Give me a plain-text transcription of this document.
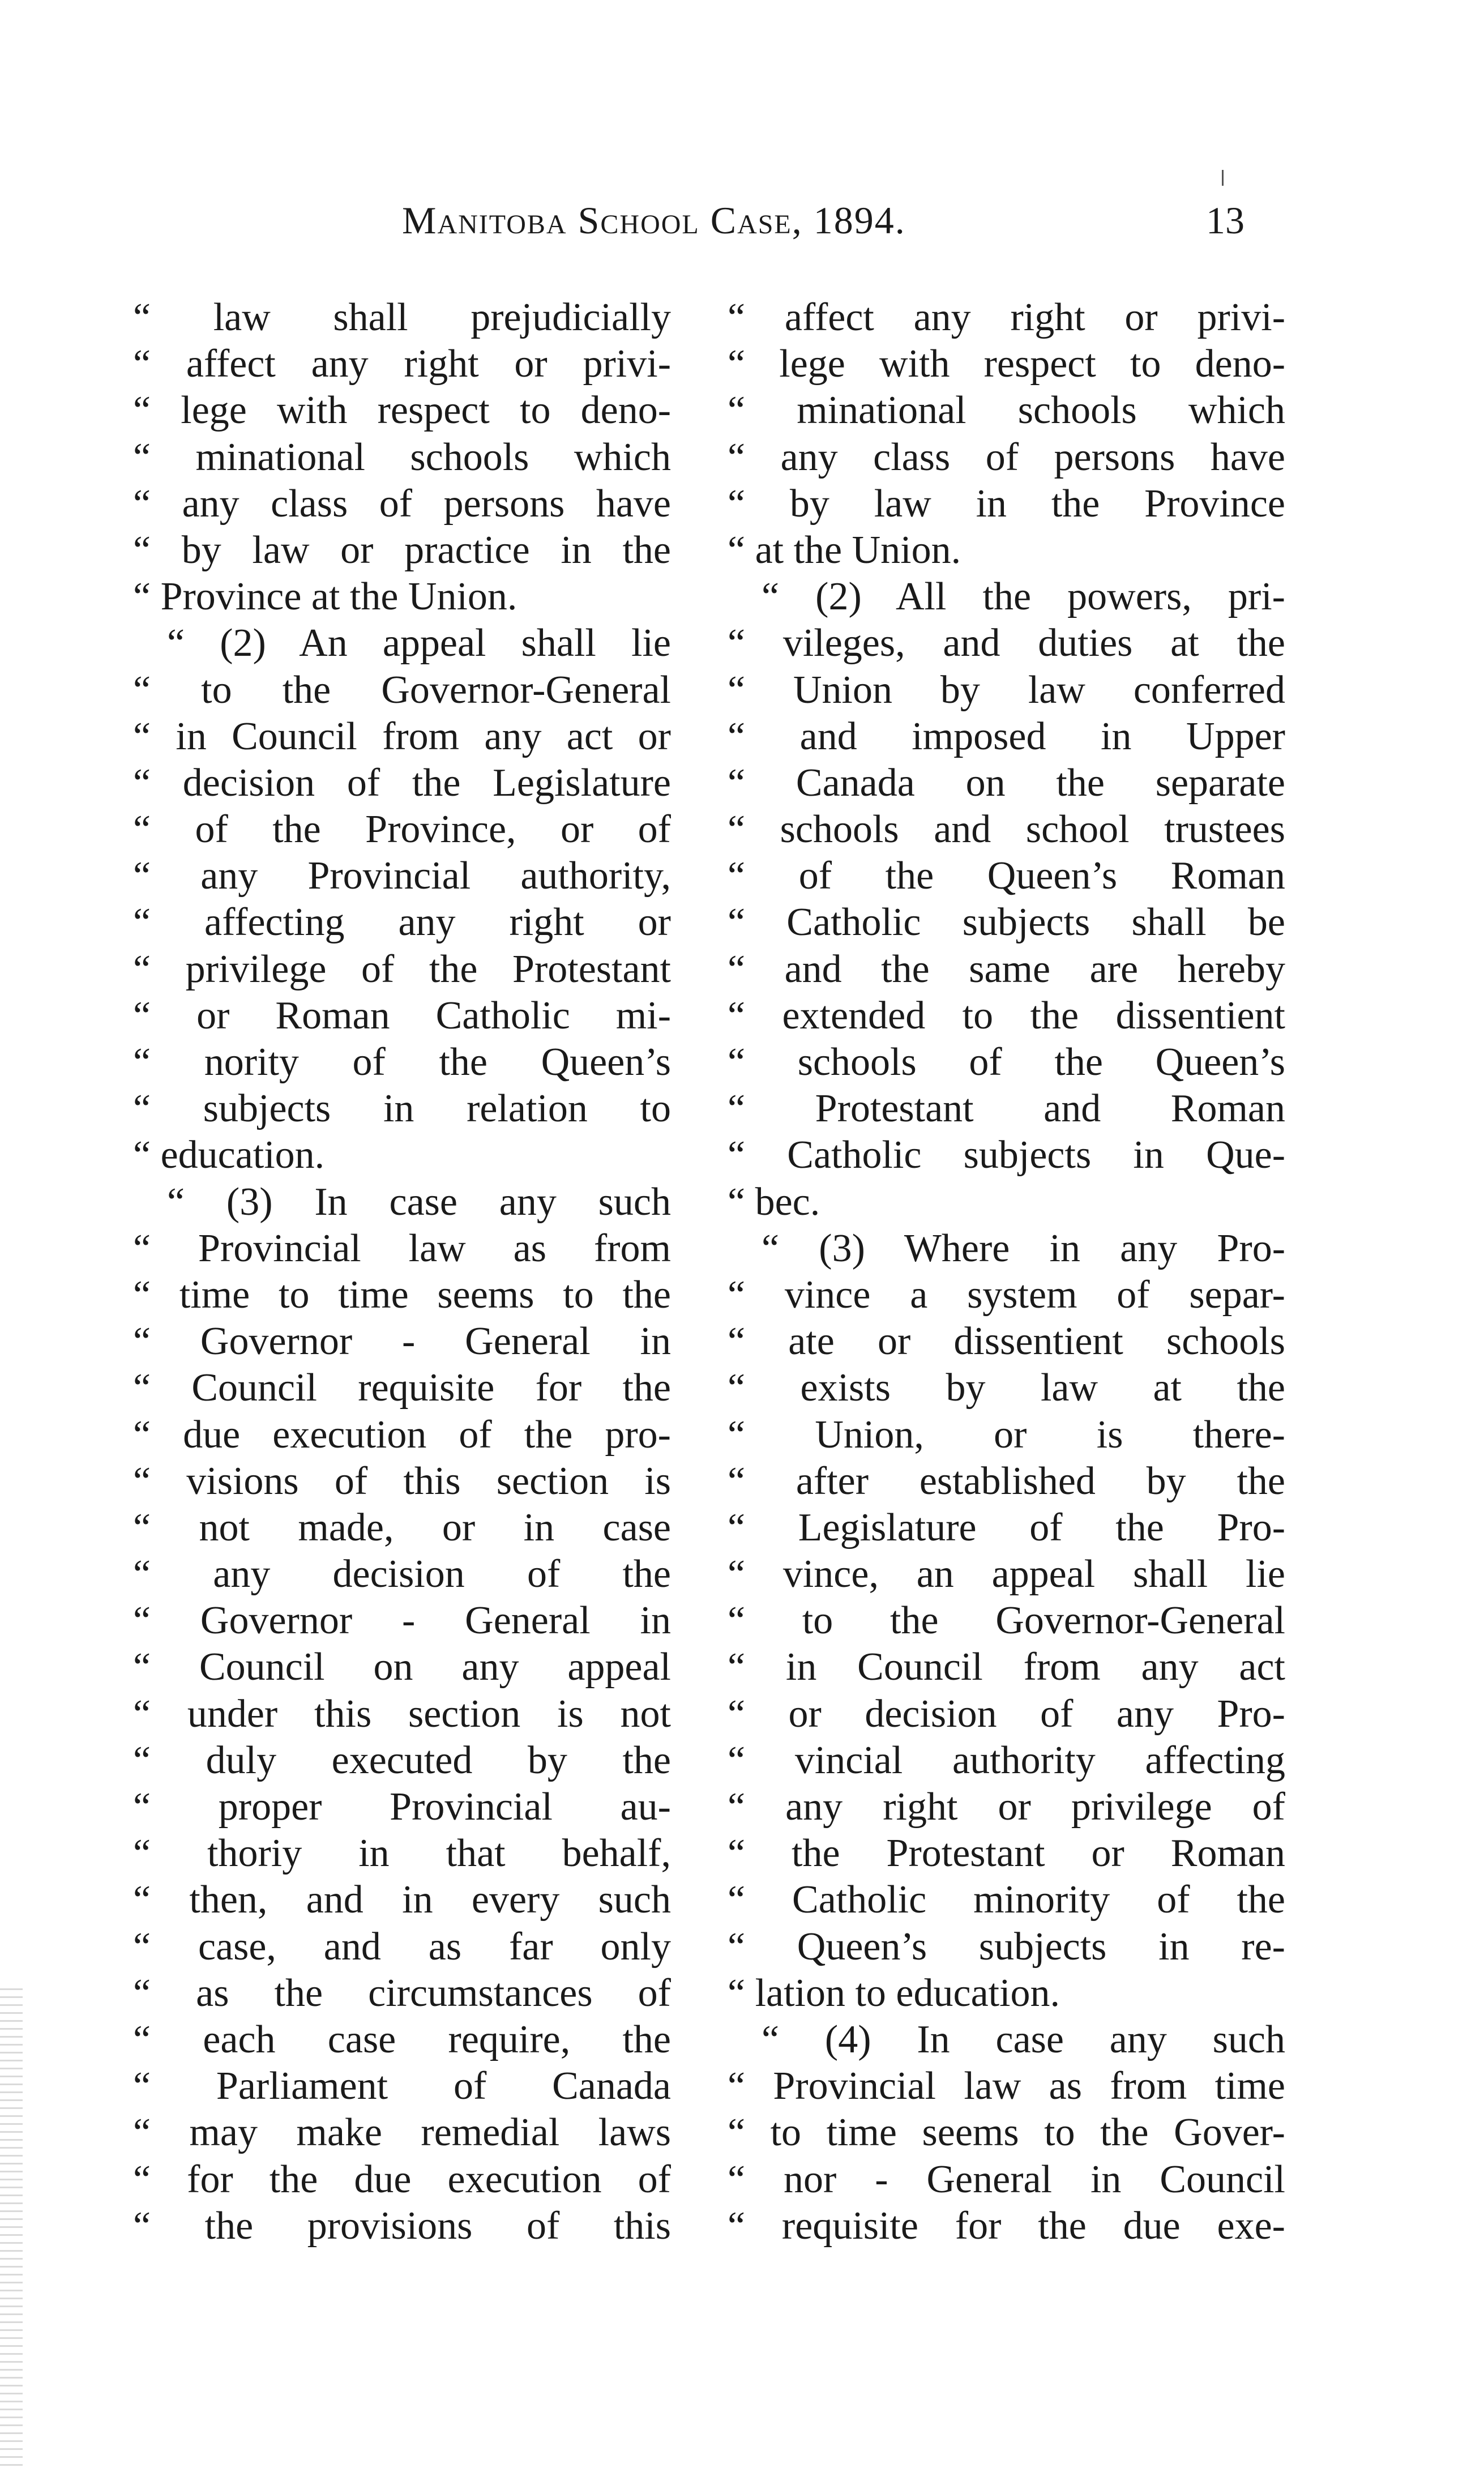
Manitoba School Case, 1894.	13
“ law shall prejudicially
“ affect any right or privi-
“ lege with respect to deno-
“ minational schools which
“ any class of persons have
“ by law or practice in the
“ Province at the Union.
“ (2) An appeal shall lie
“ to the Governor-General
“ in Council from any act or
“ decision of the Legislature
“ of the Province, or of
“ any Provincial authority,
“ affecting any right or
“ privilege of the Protestant
“ or Roman Catholic mi-
“ nority of the Queen’s
“ subjects in relation to
“ education.
“ (3) In case any such
“ Provincial law as from
“ time to time seems to the
“ Governor - General in
“ Council requisite for the
“ due execution of the pro-
“ visions of this section is
“ not made, or in case
“ any decision of the
“ Governor - General in
“ Council on any appeal
“ under this section is not
“ duly executed by the
“ proper Provincial au-
“ thoriy in that behalf,
“ then, and in every such
“ case, and as far only
“ as the circumstances of
“ each case require, the
“ Parliament of Canada
“ may make remedial laws
“ for the due execution of
“ the provisions of this
“ affect any right or privi-
“ lege with respect to deno-
“ minational schools which
“ any class of persons have
“ by law in the Province
“ at the Union.
“ (2) All the powers, pri-
“ vileges, and duties at the
“ Union by law conferred
“ and imposed in Upper
“ Canada on the separate
“ schools and school trustees
“ of the Queen’s Roman
“ Catholic subjects shall be
“ and the same are hereby
“ extended to the dissentient
“ schools of the Queen’s
“ Protestant and Roman
“ Catholic subjects in Que-
“ bec.
“ (3) Where in any Pro-
“ vince a system of separ-
“ ate or dissentient schools
“ exists by law at the
“ Union, or is there-
“ after established by the
“ Legislature of the Pro-
“ vince, an appeal shall lie
“ to the Governor-General
“ in Council from any act
“ or decision of any Pro-
“ vincial authority affecting
“ any right or privilege of
“ the Protestant or Roman
“ Catholic minority of the
“ Queen’s subjects in re-
“ lation to education.
“ (4) In case any such
“ Provincial law as from time
“ to time seems to the Gover-
“ nor - General in Council
“ requisite for the due exe-
